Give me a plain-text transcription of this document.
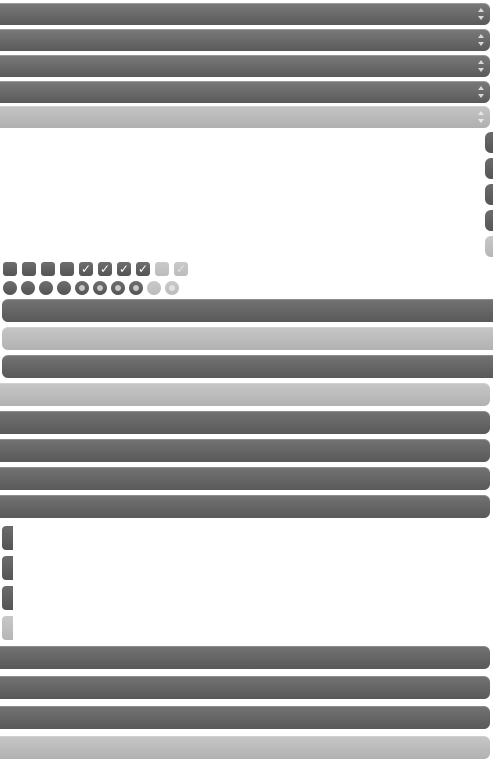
✓ ✓ ✓ ✓ ✓
